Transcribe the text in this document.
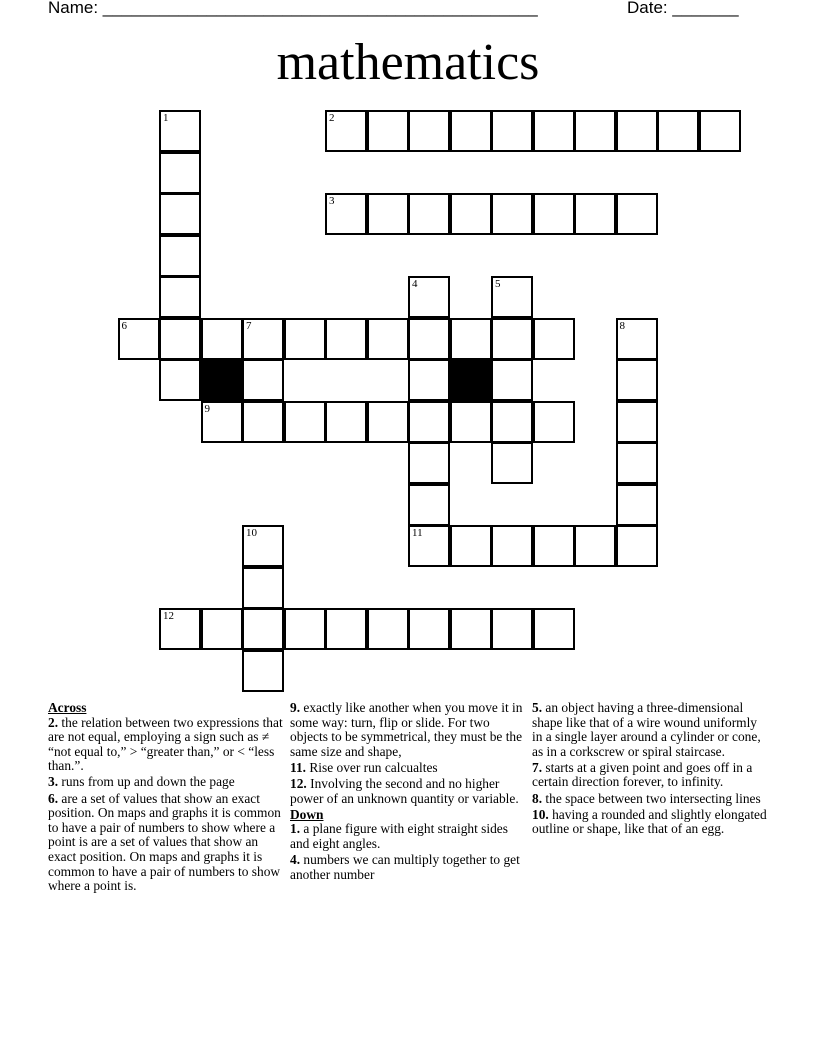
Name: ______________________________________________	Date: _______
mathematics
2
3
6	7
9
11
12
1
4	5
8
10
Across
2. the relation between two expressions that are not equal, employing a sign such as ≠ “not equal to,” > “greater than,” or < “less than.”.
3. runs from up and down the page
6. are a set of values that show an exact position. On maps and graphs it is common to have a pair of numbers to show where a point is are a set of values that show an exact position. On maps and graphs it is common to have a pair of numbers to show where a point is.
9. exactly like another when you move it in some way: turn, flip or slide. For two objects to be symmetrical, they must be the same size and shape,
11. Rise over run calcualtes
12. Involving the second and no higher power of an unknown quantity or variable.
Down
1. a plane figure with eight straight sides and eight angles.
4. numbers we can multiply together to get another number
5. an object having a three-dimensional shape like that of a wire wound uniformly in a single layer around a cylinder or cone, as in a corkscrew or spiral staircase.
7. starts at a given point and goes off in a certain direction forever, to infinity.
8. the space between two intersecting lines
10. having a rounded and slightly elongated outline or shape, like that of an egg.
